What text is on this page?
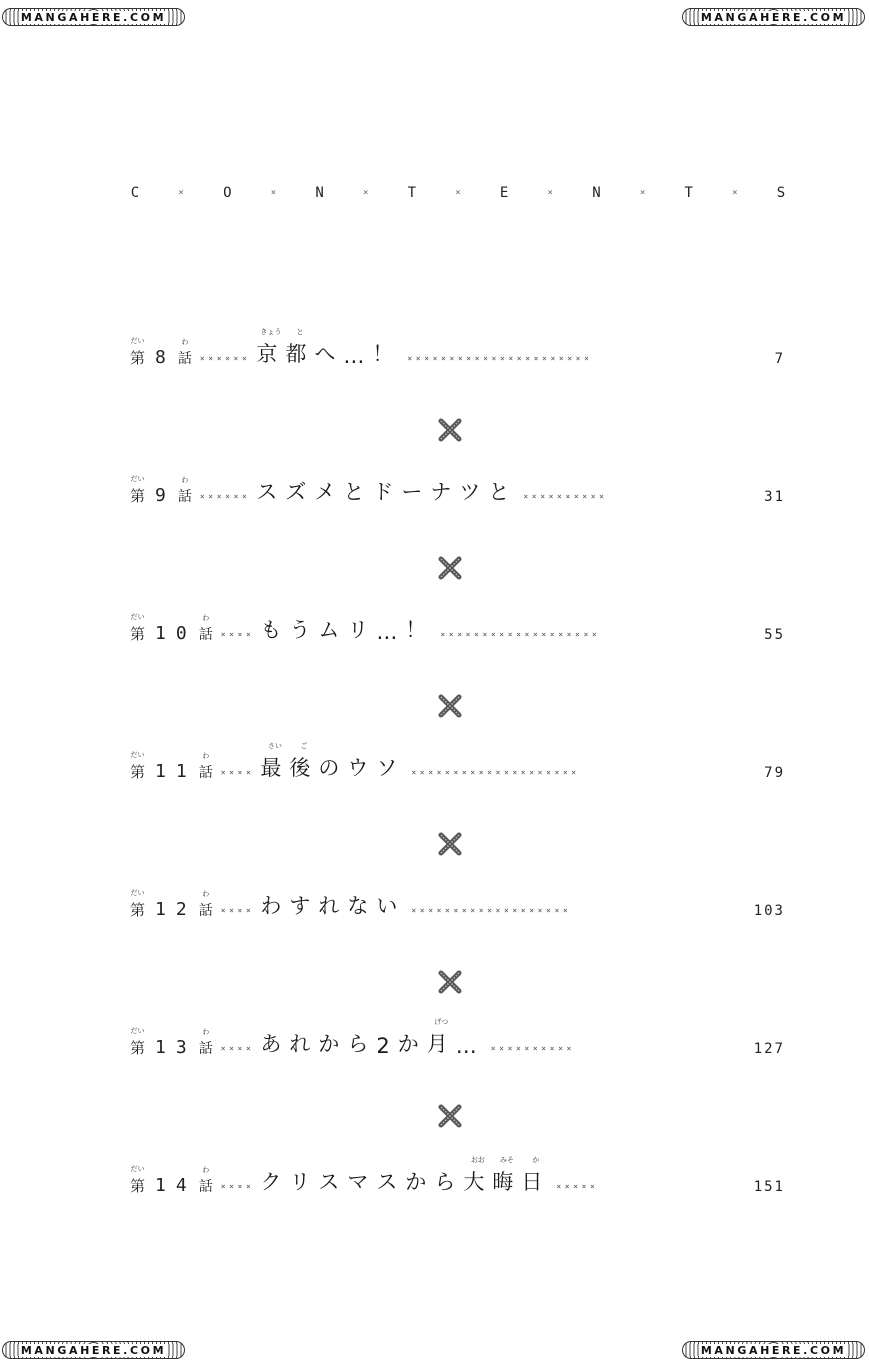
MANGAHERE.COM	MANGAHERE.COM
MANGAHERE.COM	MANGAHERE.COM
C	×	O	×	N	×	T	×	E	×	N	×	T	×	S
第
だい
8 話
わ
×××××× 京
きょう
都
と
へ … ！ ××××××××××××××××××××××	7
第
だい
9 話
わ
×××××× ス ズ メ と ド ー ナ ツ と ××××××××××	31
第
だい
10 話
わ
×××× も う ム リ … ！ ×××××××××××××××××××	55
第
だい
11 話
わ
×××× 最
さい
後
ご
の ウ ソ ××××××××××××××××××××	79
第
だい
12 話
わ
×××× わ す れ な い ×××××××××××××××××××	103
第
だい
13 話
わ
×××× あ れ か ら 2 か 月
げつ
… ××××××××××	127
第
だい
14 話
わ
×××× ク リ ス マ ス か ら 大
おお
晦
みそ
日
か
×××××	151
